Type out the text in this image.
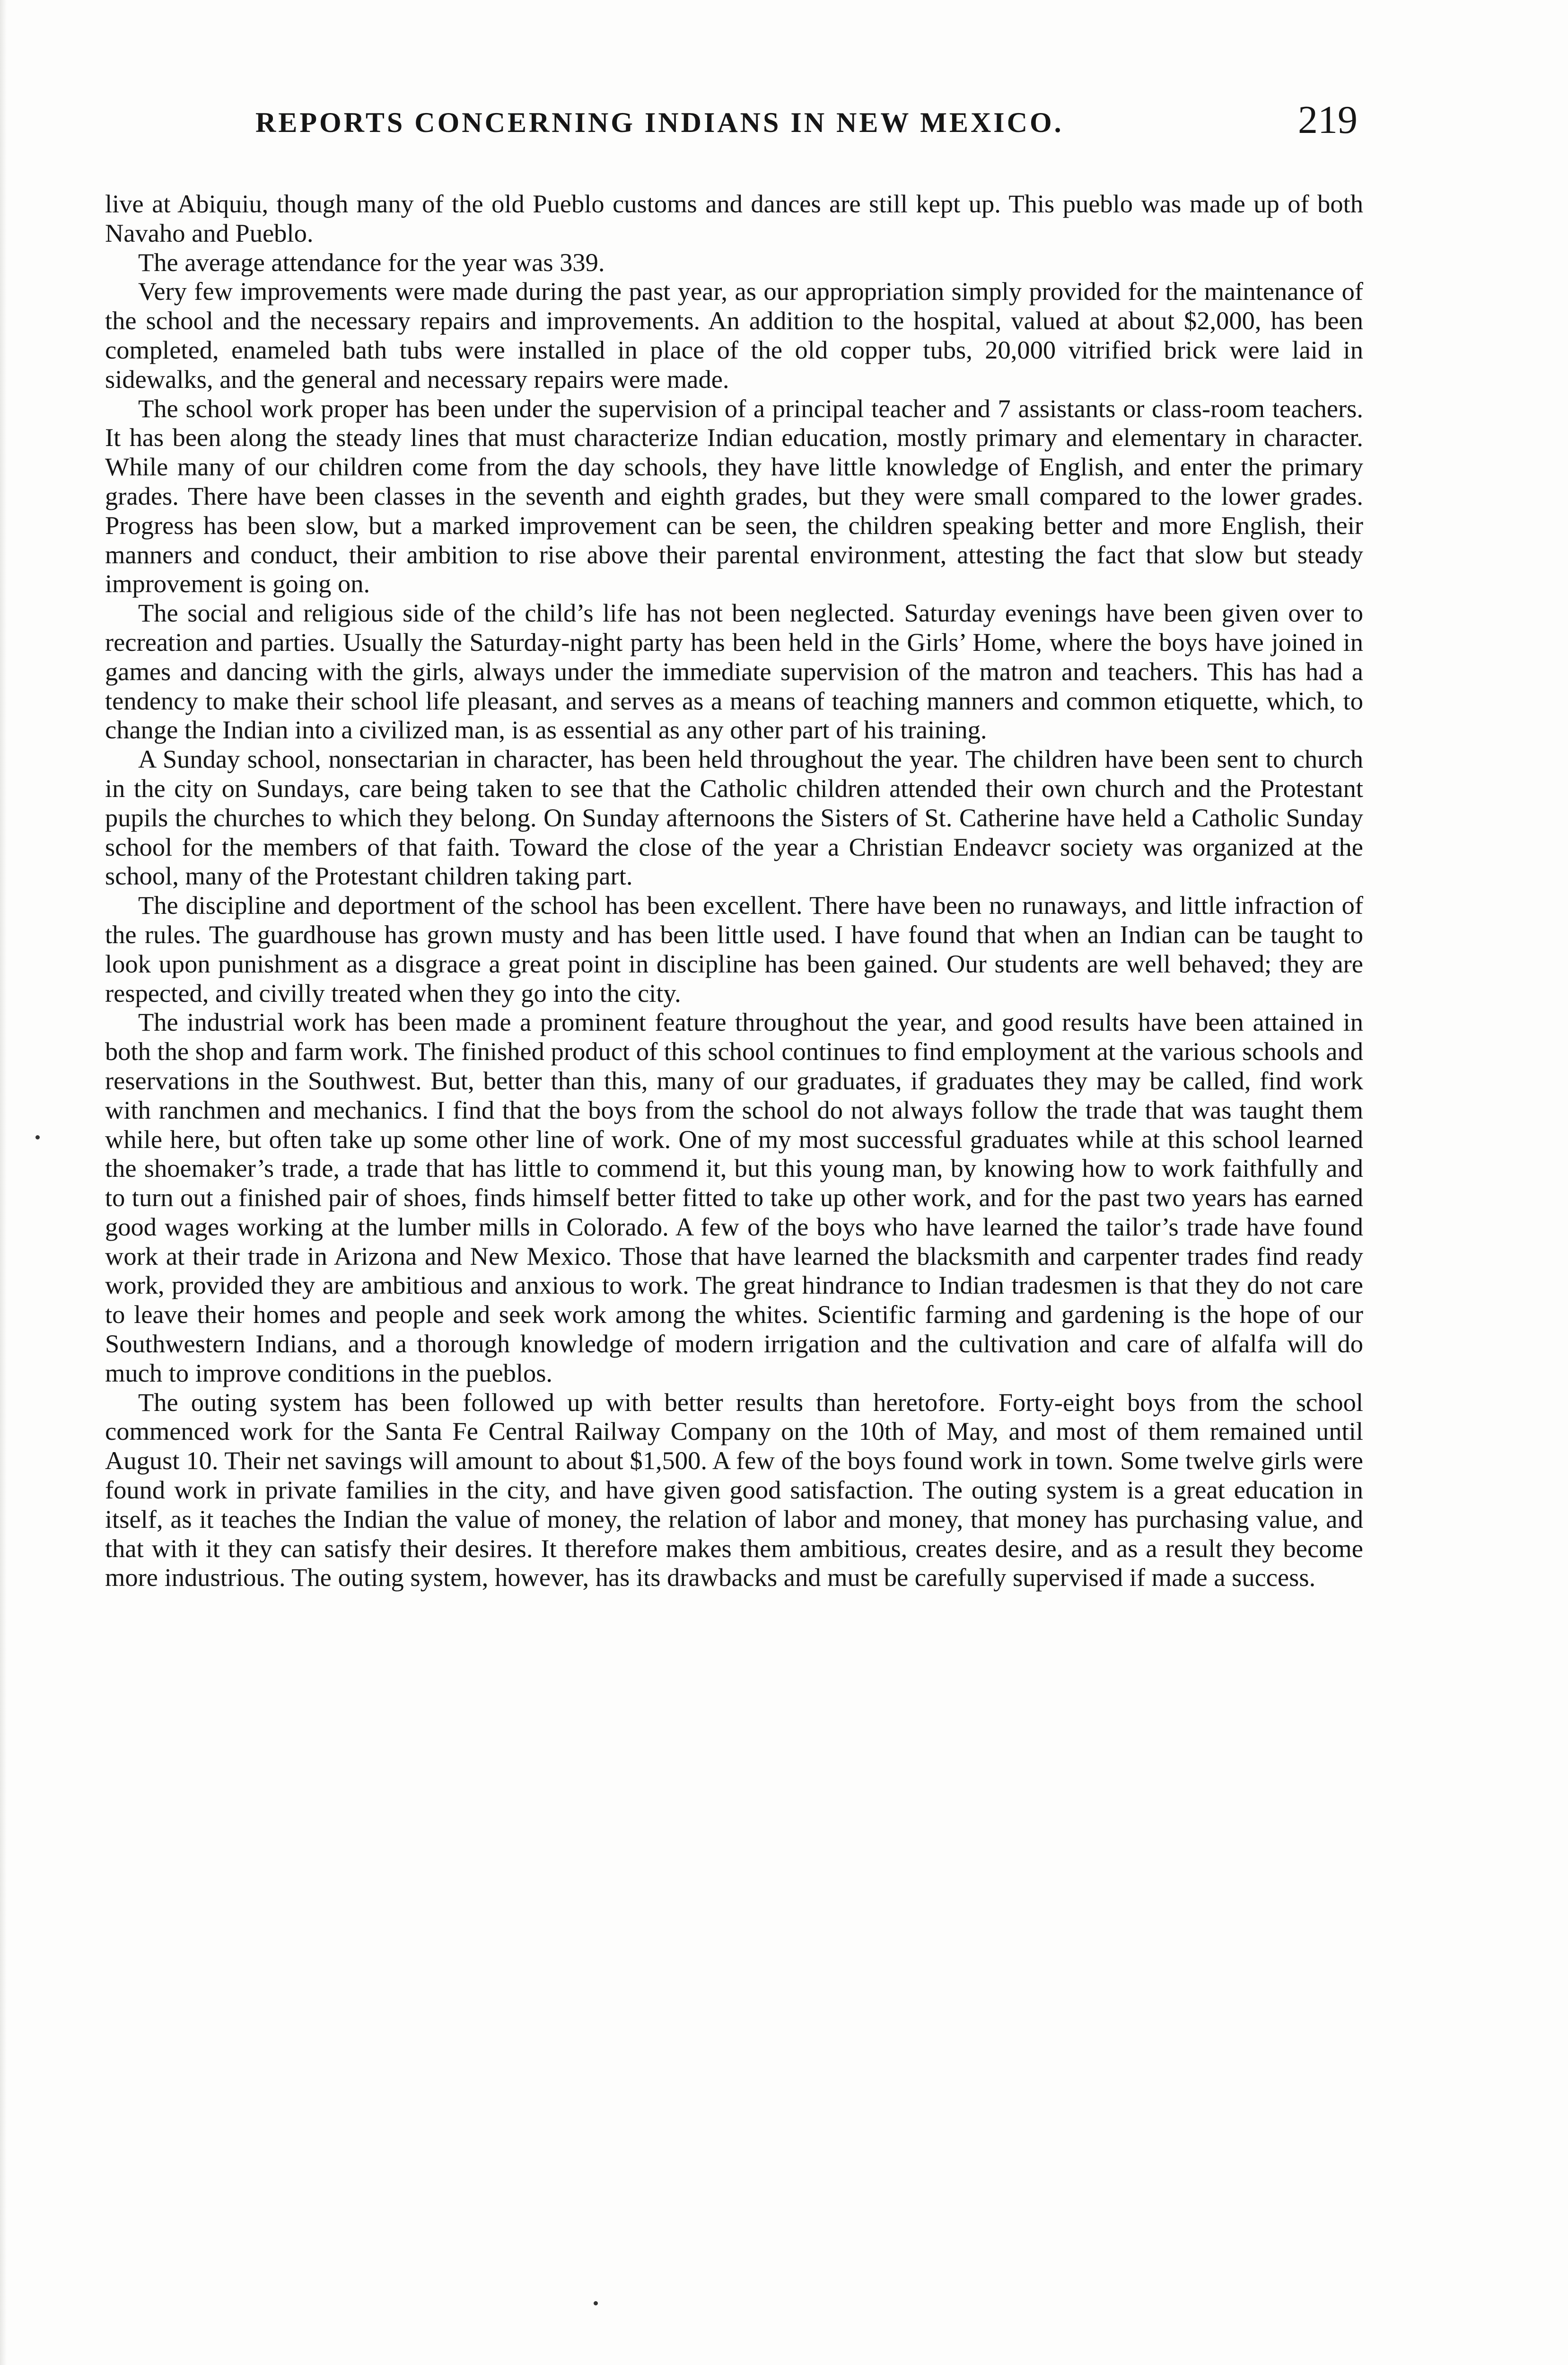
REPORTS CONCERNING INDIANS IN NEW MEXICO.	219

live at Abiquiu, though many of the old Pueblo customs and dances are still kept up. This pueblo was made up of both Navaho and Pueblo.

The average attendance for the year was 339.

Very few improvements were made during the past year, as our appropriation simply provided for the maintenance of the school and the necessary repairs and improvements. An addition to the hospital, valued at about $2,000, has been completed, enameled bath tubs were installed in place of the old copper tubs, 20,000 vitrified brick were laid in sidewalks, and the general and necessary repairs were made.

The school work proper has been under the supervision of a principal teacher and 7 assistants or class-room teachers. It has been along the steady lines that must characterize Indian education, mostly primary and elementary in character. While many of our children come from the day schools, they have little knowledge of English, and enter the primary grades. There have been classes in the seventh and eighth grades, but they were small compared to the lower grades. Progress has been slow, but a marked improvement can be seen, the children speaking better and more English, their manners and conduct, their ambition to rise above their parental environment, attesting the fact that slow but steady improvement is going on.

The social and religious side of the child’s life has not been neglected. Saturday evenings have been given over to recreation and parties. Usually the Saturday-night party has been held in the Girls’ Home, where the boys have joined in games and dancing with the girls, always under the immediate supervision of the matron and teachers. This has had a tendency to make their school life pleasant, and serves as a means of teaching manners and common etiquette, which, to change the Indian into a civilized man, is as essential as any other part of his training.

A Sunday school, nonsectarian in character, has been held throughout the year. The children have been sent to church in the city on Sundays, care being taken to see that the Catholic children attended their own church and the Protestant pupils the churches to which they belong. On Sunday afternoons the Sisters of St. Catherine have held a Catholic Sunday school for the members of that faith. Toward the close of the year a Christian Endeavcr society was organized at the school, many of the Protestant children taking part.

The discipline and deportment of the school has been excellent. There have been no runaways, and little infraction of the rules. The guardhouse has grown musty and has been little used. I have found that when an Indian can be taught to look upon punishment as a disgrace a great point in discipline has been gained. Our students are well behaved; they are respected, and civilly treated when they go into the city.

The industrial work has been made a prominent feature throughout the year, and good results have been attained in both the shop and farm work. The finished product of this school continues to find employment at the various schools and reservations in the Southwest. But, better than this, many of our graduates, if graduates they may be called, find work with ranchmen and mechanics. I find that the boys from the school do not always follow the trade that was taught them while here, but often take up some other line of work. One of my most successful graduates while at this school learned the shoemaker’s trade, a trade that has little to commend it, but this young man, by knowing how to work faithfully and to turn out a finished pair of shoes, finds himself better fitted to take up other work, and for the past two years has earned good wages working at the lumber mills in Colorado. A few of the boys who have learned the tailor’s trade have found work at their trade in Arizona and New Mexico. Those that have learned the blacksmith and carpenter trades find ready work, provided they are ambitious and anxious to work. The great hindrance to Indian tradesmen is that they do not care to leave their homes and people and seek work among the whites. Scientific farming and gardening is the hope of our Southwestern Indians, and a thorough knowledge of modern irrigation and the cultivation and care of alfalfa will do much to improve conditions in the pueblos.

The outing system has been followed up with better results than heretofore. Forty-eight boys from the school commenced work for the Santa Fe Central Railway Company on the 10th of May, and most of them remained until August 10. Their net savings will amount to about $1,500. A few of the boys found work in town. Some twelve girls were found work in private families in the city, and have given good satisfaction. The outing system is a great education in itself, as it teaches the Indian the value of money, the relation of labor and money, that money has purchasing value, and that with it they can satisfy their desires. It therefore makes them ambitious, creates desire, and as a result they become more industrious. The outing system, however, has its drawbacks and must be carefully supervised if made a success.
